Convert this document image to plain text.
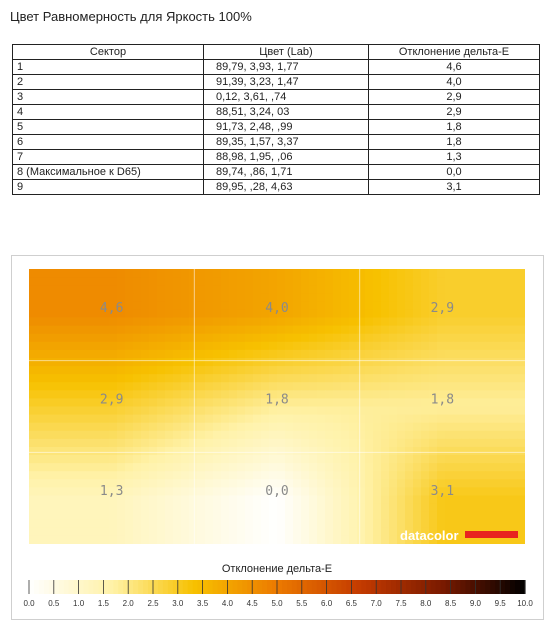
Цвет Равномерность для Яркость 100%
Сектор	Цвет (Lab)	Отклонение дельта-E
1	89,79, 3,93, 1,77	4,6
2	91,39, 3,23, 1,47	4,0
3	0,12, 3,61, ,74	2,9
4	88,51, 3,24, 03	2,9
5	91,73, 2,48, ,99	1,8
6	89,35, 1,57, 3,37	1,8
7	88,98, 1,95, ,06	1,3
8 (Максимальное к D65)	89,74, ,86, 1,71	0,0
9	89,95, ,28, 4,63	3,1
4,6	4,0	2,9
2,9	1,8	1,8
1,3	0,0	3,1
datacolor
Отклонение дельта-E
0.0 0.5 1.0 1.5 2.0 2.5 3.0 3.5 4.0 4.5 5.0 5.5 6.0 6.5 7.0 7.5 8.0 8.5 9.0 9.5 10.0
